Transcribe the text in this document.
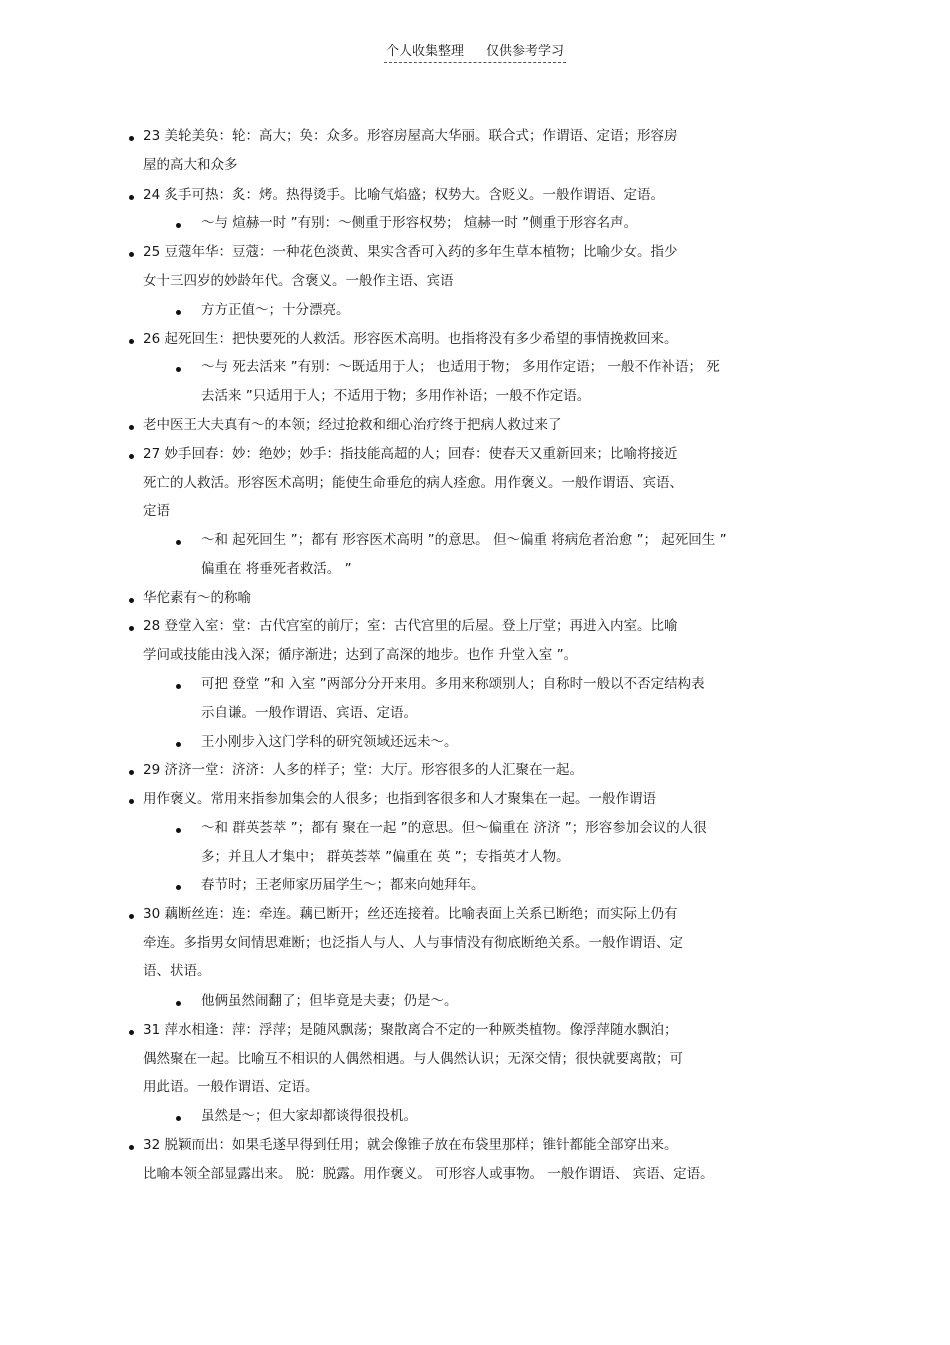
个人收集整理 仅供参考学习
23 美轮美奂：轮：高大；奂：众多。形容房屋高大华丽。联合式；作谓语、定语；形容房
屋的高大和众多
24 炙手可热：炙：烤。热得烫手。比喻气焰盛；权势大。含贬义。一般作谓语、定语。
～与 煊赫一时 ”有别：～侧重于形容权势； 煊赫一时 ”侧重于形容名声。
25 豆蔻年华：豆蔻：一种花色淡黄、果实含香可入药的多年生草本植物；比喻少女。指少
女十三四岁的妙龄年代。含褒义。一般作主语、宾语
方方正值～；十分漂亮。
26 起死回生：把快要死的人救活。形容医术高明。也指将没有多少希望的事情挽救回来。
～与 死去活来 ”有别：～既适用于人； 也适用于物； 多用作定语； 一般不作补语； 死
去活来 ”只适用于人；不适用于物；多用作补语；一般不作定语。
老中医王大夫真有～的本领；经过抢救和细心治疗终于把病人救过来了
27 妙手回春：妙：绝妙；妙手：指技能高超的人；回春：使春天又重新回来；比喻将接近
死亡的人救活。形容医术高明；能使生命垂危的病人痊愈。用作褒义。一般作谓语、宾语、
定语
～和 起死回生 ”；都有 形容医术高明 ”的意思。 但～偏重 将病危者治愈 ”； 起死回生 ”
偏重在 将垂死者救活。 ”
华佗素有～的称喻
28 登堂入室：堂：古代宫室的前厅；室：古代宫里的后屋。登上厅堂；再进入内室。比喻
学问或技能由浅入深；循序渐进；达到了高深的地步。也作 升堂入室 ”。
可把 登堂 ”和 入室 ”两部分分开来用。多用来称颂别人；自称时一般以不否定结构表
示自谦。一般作谓语、宾语、定语。
王小刚步入这门学科的研究领域还远未～。
29 济济一堂：济济：人多的样子；堂：大厅。形容很多的人汇聚在一起。
用作褒义。常用来指参加集会的人很多；也指到客很多和人才聚集在一起。一般作谓语
～和 群英荟萃 ”；都有 聚在一起 ”的意思。但～偏重在 济济 ”；形容参加会议的人很
多；并且人才集中； 群英荟萃 ”偏重在 英 ”；专指英才人物。
春节时；王老师家历届学生～；都来向她拜年。
30 藕断丝连：连：牵连。藕已断开；丝还连接着。比喻表面上关系已断绝；而实际上仍有
牵连。多指男女间情思难断；也泛指人与人、人与事情没有彻底断绝关系。一般作谓语、定
语、状语。
他俩虽然闹翻了；但毕竟是夫妻；仍是～。
31 萍水相逢：萍：浮萍；是随风飘荡；聚散离合不定的一种厥类植物。像浮萍随水飘泊；
偶然聚在一起。比喻互不相识的人偶然相遇。与人偶然认识；无深交情；很快就要离散；可
用此语。一般作谓语、定语。
虽然是～；但大家却都谈得很投机。
32 脱颖而出：如果毛遂早得到任用；就会像锥子放在布袋里那样；锥针都能全部穿出来。
比喻本领全部显露出来。 脱：脱露。用作褒义。 可形容人或事物。 一般作谓语、 宾语、定语。
